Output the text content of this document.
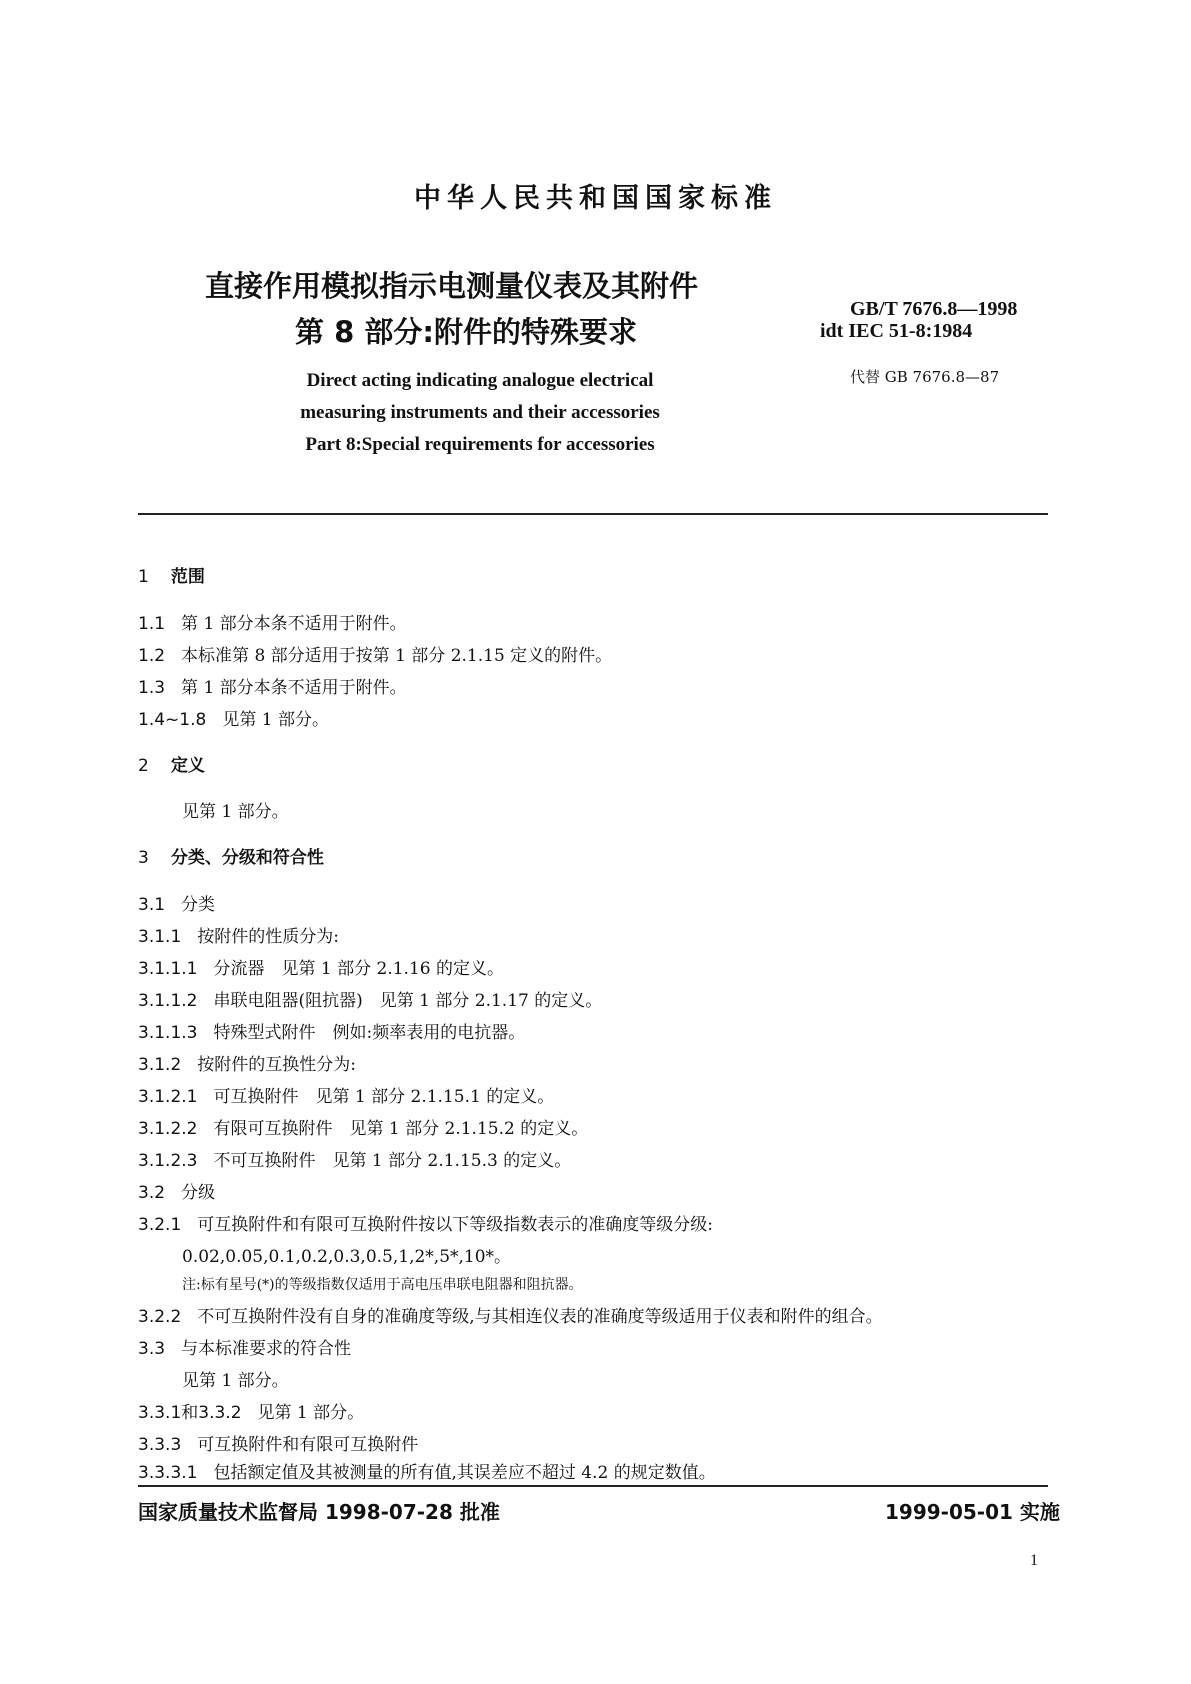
中华人民共和国国家标准
直接作用模拟指示电测量仪表及其附件
第 8 部分:附件的特殊要求
Direct acting indicating analogue electrical
measuring instruments and their accessories
Part 8:Special requirements for accessories
GB/T 7676.8—1998
idt IEC 51-8:1984
代替 GB 7676.8—87
1 范围
1.1 第 1 部分本条不适用于附件。
1.2 本标准第 8 部分适用于按第 1 部分 2.1.15 定义的附件。
1.3 第 1 部分本条不适用于附件。
1.4~1.8 见第 1 部分。
2 定义
见第 1 部分。
3 分类、分级和符合性
3.1 分类
3.1.1 按附件的性质分为:
3.1.1.1 分流器　见第 1 部分 2.1.16 的定义。
3.1.1.2 串联电阻器(阻抗器)　见第 1 部分 2.1.17 的定义。
3.1.1.3 特殊型式附件　例如:频率表用的电抗器。
3.1.2 按附件的互换性分为:
3.1.2.1 可互换附件　见第 1 部分 2.1.15.1 的定义。
3.1.2.2 有限可互换附件　见第 1 部分 2.1.15.2 的定义。
3.1.2.3 不可互换附件　见第 1 部分 2.1.15.3 的定义。
3.2 分级
3.2.1 可互换附件和有限可互换附件按以下等级指数表示的准确度等级分级:
0.02,0.05,0.1,0.2,0.3,0.5,1,2*,5*,10*。
注:标有星号(*)的等级指数仅适用于高电压串联电阻器和阻抗器。
3.2.2 不可互换附件没有自身的准确度等级,与其相连仪表的准确度等级适用于仪表和附件的组合。
3.3 与本标准要求的符合性
见第 1 部分。
3.3.1和3.3.2 见第 1 部分。
3.3.3 可互换附件和有限可互换附件
3.3.3.1 包括额定值及其被测量的所有值,其误差应不超过 4.2 的规定数值。
国家质量技术监督局 1998-07-28 批准	1999-05-01 实施
1
